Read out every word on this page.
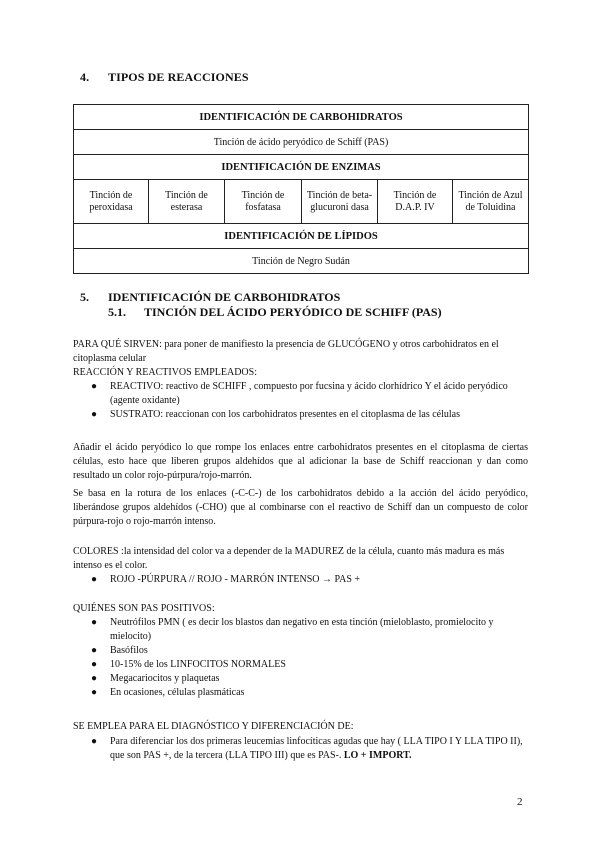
4. TIPOS DE REACCIONES
IDENTIFICACIÓN DE CARBOHIDRATOS
Tinción de ácido peryódico de Schiff (PAS)
IDENTIFICACIÓN DE ENZIMAS
Tinción de peroxidasa	Tinción de esterasa	Tinción de fosfatasa	Tinción de beta-glucuroni dasa	Tinción de D.A.P. IV	Tinción de Azul de Toluidina
IDENTIFICACIÓN DE LÍPIDOS
Tinción de Negro Sudán
5. IDENTIFICACIÓN DE CARBOHIDRATOS
5.1. TINCIÓN DEL ÁCIDO PERYÓDICO DE SCHIFF (PAS)
PARA QUÉ SIRVEN: para poner de manifiesto la presencia de GLUCÓGENO y otros carbohidratos en el citoplasma celular
REACCIÓN Y REACTIVOS EMPLEADOS:
● REACTIVO: reactivo de SCHIFF , compuesto por fucsina y ácido clorhídrico Y el ácido peryódico (agente oxidante)
● SUSTRATO: reaccionan con los carbohidratos presentes en el citoplasma de las células
Añadir el ácido peryódico lo que rompe los enlaces entre carbohidratos presentes en el citoplasma de ciertas células, esto hace que liberen grupos aldehídos que al adicionar la base de Schiff reaccionan y dan como resultado un color rojo-púrpura/rojo-marrón.
Se basa en la rotura de los enlaces (-C-C-) de los carbohidratos debido a la acción del ácido peryódico, liberándose grupos aldehídos (-CHO) que al combinarse con el reactivo de Schiff dan un compuesto de color púrpura-rojo o rojo-marrón intenso.
COLORES :la intensidad del color va a depender de la MADUREZ de la célula, cuanto más madura es más intenso es el color.
● ROJO -PÚRPURA // ROJO - MARRÓN INTENSO → PAS +
QUIÉNES SON PAS POSITIVOS:
● Neutrófilos PMN ( es decir los blastos dan negativo en esta tinción (mieloblasto, promielocito y mielocito)
● Basófilos
● 10-15% de los LINFOCITOS NORMALES
● Megacariocitos y plaquetas
● En ocasiones, células plasmáticas
SE EMPLEA PARA EL DIAGNÓSTICO Y DIFERENCIACIÓN DE:
● Para diferenciar los dos primeras leucemias linfocíticas agudas que hay ( LLA TIPO I Y LLA TIPO II), que son PAS +, de la tercera (LLA TIPO III) que es PAS-. LO + IMPORT.
2
